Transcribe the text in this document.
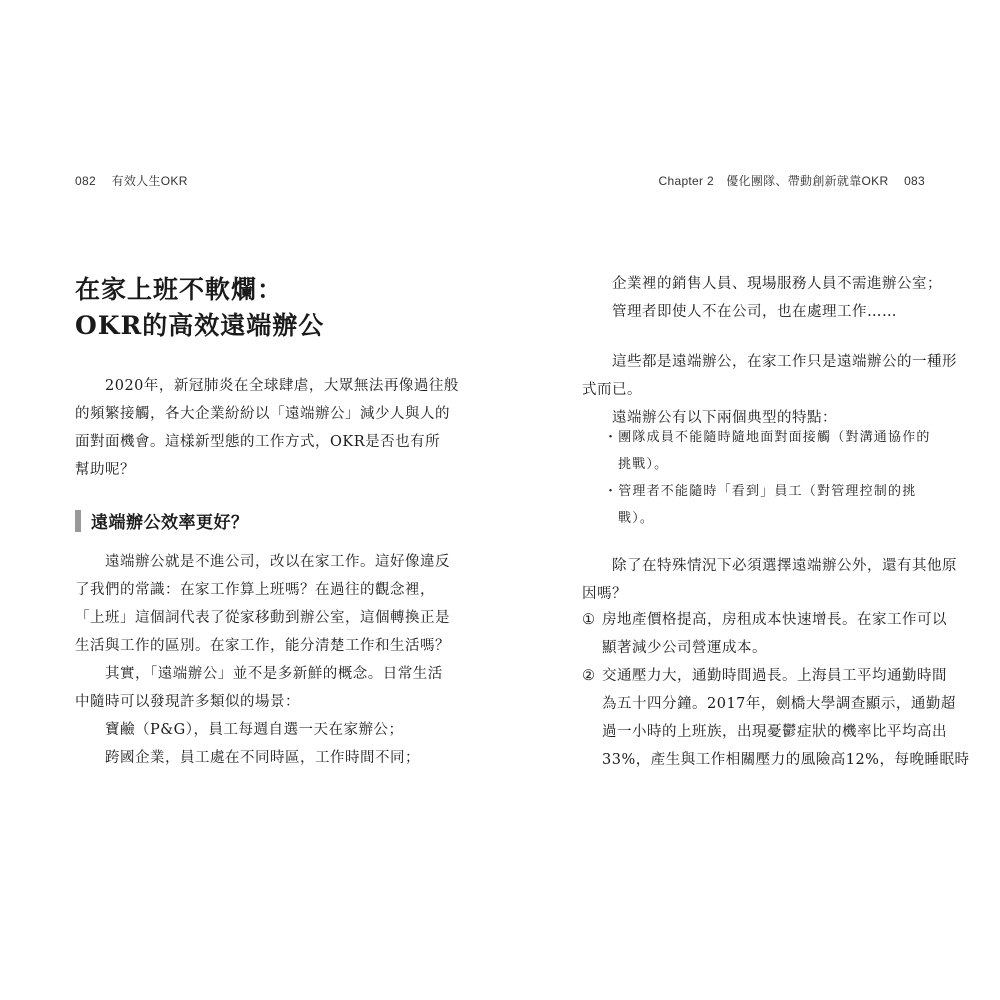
082 有效人生OKR	Chapter 2　優化團隊、帶動創新就靠OKR 083
在家上班不軟爛：
OKR的高效遠端辦公
2020年，新冠肺炎在全球肆虐，大眾無法再像過往般
的頻繁接觸，各大企業紛紛以「遠端辦公」減少人與人的
面對面機會。這樣新型態的工作方式，OKR是否也有所
幫助呢？
遠端辦公效率更好？
遠端辦公就是不進公司，改以在家工作。這好像違反
了我們的常識：在家工作算上班嗎？在過往的觀念裡，
「上班」這個詞代表了從家移動到辦公室，這個轉換正是
生活與工作的區別。在家工作，能分清楚工作和生活嗎？
其實，「遠端辦公」並不是多新鮮的概念。日常生活
中隨時可以發現許多類似的場景：
寶鹼（P&G），員工每週自選一天在家辦公；
跨國企業，員工處在不同時區，工作時間不同；
企業裡的銷售人員、現場服務人員不需進辦公室；
管理者即使人不在公司，也在處理工作……
這些都是遠端辦公，在家工作只是遠端辦公的一種形
式而已。
遠端辦公有以下兩個典型的特點：
・團隊成員不能隨時隨地面對面接觸（對溝通協作的
挑戰）。
・管理者不能隨時「看到」員工（對管理控制的挑
戰）。
除了在特殊情況下必須選擇遠端辦公外，還有其他原
因嗎？
① 房地產價格提高，房租成本快速增長。在家工作可以
顯著減少公司營運成本。
② 交通壓力大，通勤時間過長。上海員工平均通勤時間
為五十四分鐘。2017年，劍橋大學調查顯示，通勤超
過一小時的上班族，出現憂鬱症狀的機率比平均高出
33%，產生與工作相關壓力的風險高12%，每晚睡眠時
